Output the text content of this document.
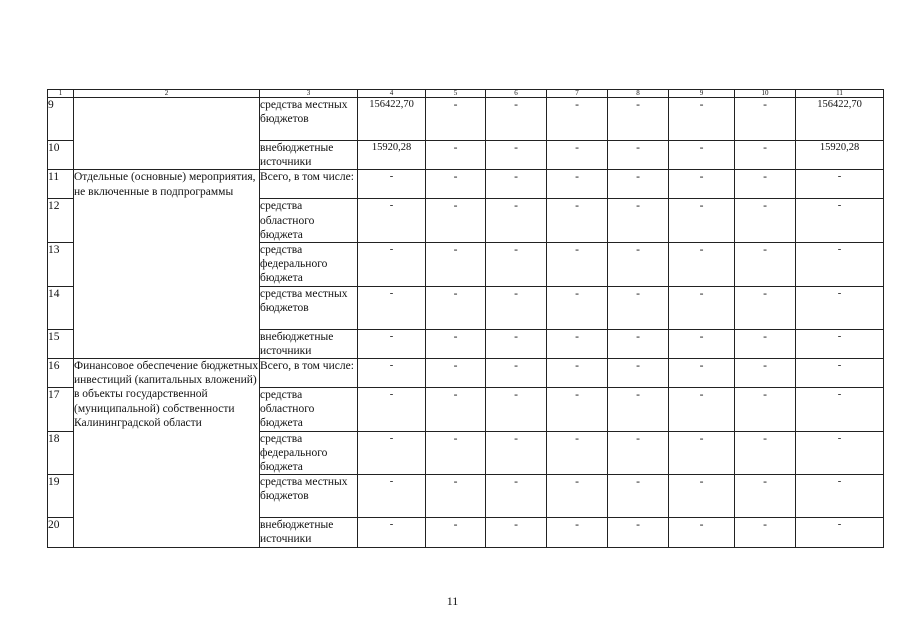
1	2	3	4	5	6	7	8	9	10	11
9		средства местных бюджетов	156422,70	-	-	-	-	-	-	156422,70
10		внебюджетные источники	15920,28	-	-	-	-	-	-	15920,28
11	Отдельные (основные) мероприятия, не включенные в подпрограммы	Всего, в том числе:	-	-	-	-	-	-	-	-
12		средства областного бюджета	-	-	-	-	-	-	-	-
13		средства федерального бюджета	-	-	-	-	-	-	-	-
14		средства местных бюджетов	-	-	-	-	-	-	-	-
15		внебюджетные источники	-	-	-	-	-	-	-	-
16	Финансовое обеспечение бюджетных инвестиций (капитальных вложений) в объекты государственной (муниципальной) собственности Калининградской области	Всего, в том числе:	-	-	-	-	-	-	-	-
17		средства областного бюджета	-	-	-	-	-	-	-	-
18		средства федерального бюджета	-	-	-	-	-	-	-	-
19		средства местных бюджетов	-	-	-	-	-	-	-	-
20		внебюджетные источники	-	-	-	-	-	-	-	-
11
